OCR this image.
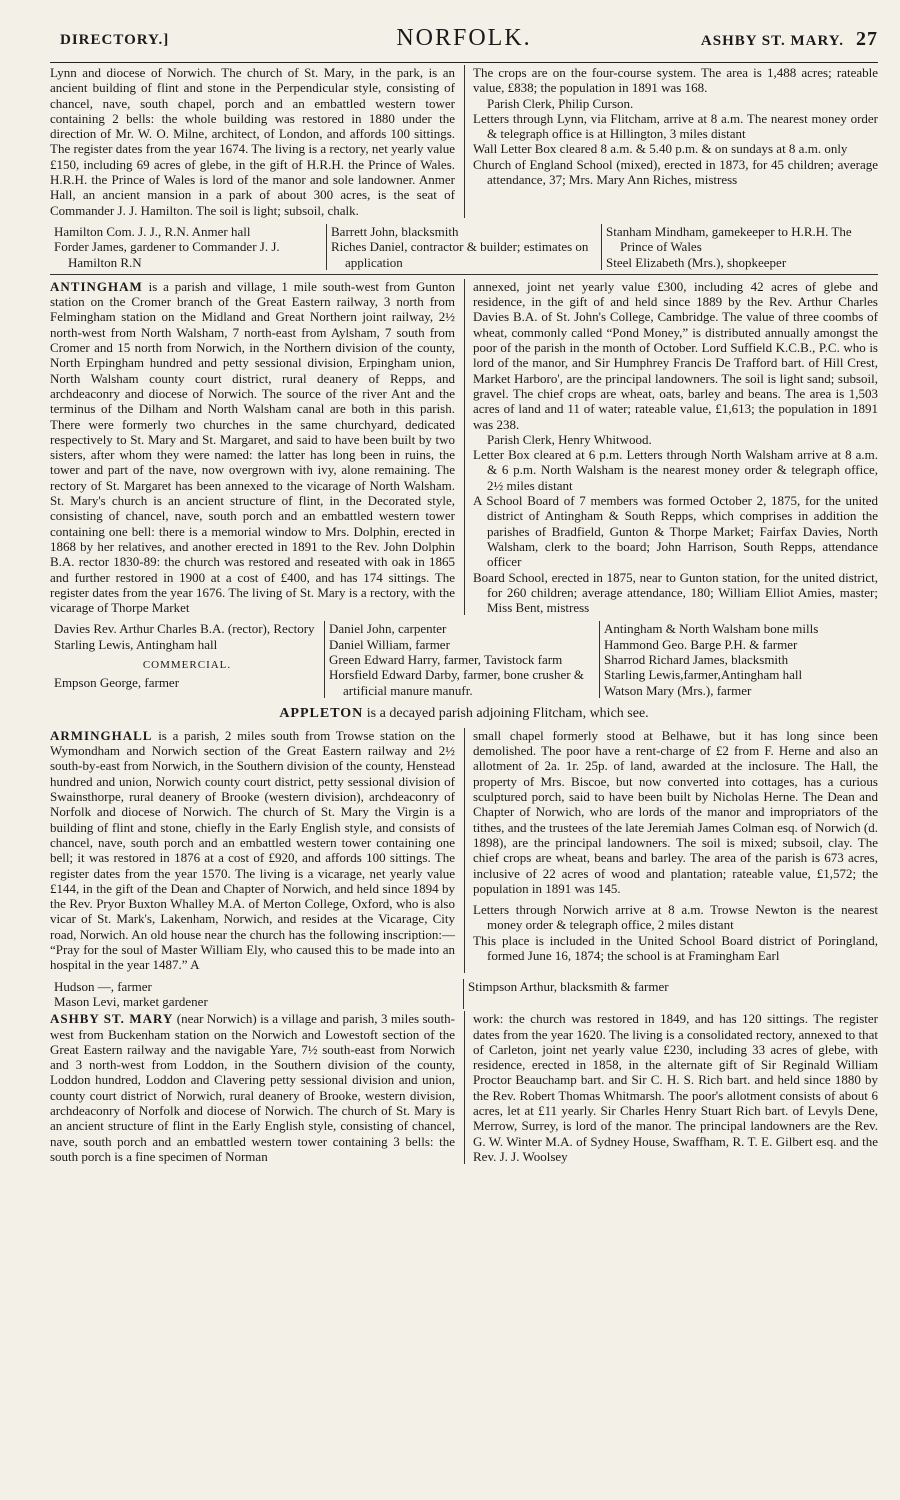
DIRECTORY.]	NORFOLK.	ASHBY ST. MARY. 27

Lynn and diocese of Norwich. The church of St. Mary, in the park, is an ancient building of flint and stone in the Perpendicular style, consisting of chancel, nave, south chapel, porch and an embattled western tower containing 2 bells: the whole building was restored in 1880 under the direction of Mr. W. O. Milne, architect, of London, and affords 100 sittings. The register dates from the year 1674. The living is a rectory, net yearly value £150, including 69 acres of glebe, in the gift of H.R.H. the Prince of Wales. H.R.H. the Prince of Wales is lord of the manor and sole landowner. Anmer Hall, an ancient mansion in a park of about 300 acres, is the seat of Commander J. J. Hamilton. The soil is light; subsoil, chalk.

The crops are on the four-course system. The area is 1,488 acres; rateable value, £838; the population in 1891 was 168.

Parish Clerk, Philip Curson.

Letters through Lynn, via Flitcham, arrive at 8 a.m. The nearest money order & telegraph office is at Hillington, 3 miles distant

Wall Letter Box cleared 8 a.m. & 5.40 p.m. & on sundays at 8 a.m. only

Church of England School (mixed), erected in 1873, for 45 children; average attendance, 37; Mrs. Mary Ann Riches, mistress

Hamilton Com. J. J., R.N. Anmer hall

Forder James, gardener to Commander J. J. Hamilton R.N

Barrett John, blacksmith

Riches Daniel, contractor & builder; estimates on application

Stanham Mindham, gamekeeper to H.R.H. The Prince of Wales

Steel Elizabeth (Mrs.), shopkeeper

ANTINGHAM is a parish and village, 1 mile south-west from Gunton station on the Cromer branch of the Great Eastern railway, 3 north from Felmingham station on the Midland and Great Northern joint railway, 2½ north-west from North Walsham, 7 north-east from Aylsham, 7 south from Cromer and 15 north from Norwich, in the Northern division of the county, North Erpingham hundred and petty sessional division, Erpingham union, North Walsham county court district, rural deanery of Repps, and archdeaconry and diocese of Norwich. The source of the river Ant and the terminus of the Dilham and North Walsham canal are both in this parish. There were formerly two churches in the same churchyard, dedicated respectively to St. Mary and St. Margaret, and said to have been built by two sisters, after whom they were named: the latter has long been in ruins, the tower and part of the nave, now overgrown with ivy, alone remaining. The rectory of St. Margaret has been annexed to the vicarage of North Walsham. St. Mary's church is an ancient structure of flint, in the Decorated style, consisting of chancel, nave, south porch and an embattled western tower containing one bell: there is a memorial window to Mrs. Dolphin, erected in 1868 by her relatives, and another erected in 1891 to the Rev. John Dolphin B.A. rector 1830-89: the church was restored and reseated with oak in 1865 and further restored in 1900 at a cost of £400, and has 174 sittings. The register dates from the year 1676. The living of St. Mary is a rectory, with the vicarage of Thorpe Market

annexed, joint net yearly value £300, including 42 acres of glebe and residence, in the gift of and held since 1889 by the Rev. Arthur Charles Davies B.A. of St. John's College, Cambridge. The value of three coombs of wheat, commonly called “Pond Money,” is distributed annually amongst the poor of the parish in the month of October. Lord Suffield K.C.B., P.C. who is lord of the manor, and Sir Humphrey Francis De Trafford bart. of Hill Crest, Market Harboro', are the principal landowners. The soil is light sand; subsoil, gravel. The chief crops are wheat, oats, barley and beans. The area is 1,503 acres of land and 11 of water; rateable value, £1,613; the population in 1891 was 238.

Parish Clerk, Henry Whitwood.

Letter Box cleared at 6 p.m. Letters through North Walsham arrive at 8 a.m. & 6 p.m. North Walsham is the nearest money order & telegraph office, 2½ miles distant

A School Board of 7 members was formed October 2, 1875, for the united district of Antingham & South Repps, which comprises in addition the parishes of Bradfield, Gunton & Thorpe Market; Fairfax Davies, North Walsham, clerk to the board; John Harrison, South Repps, attendance officer

Board School, erected in 1875, near to Gunton station, for the united district, for 260 children; average attendance, 180; William Elliot Amies, master; Miss Bent, mistress

Davies Rev. Arthur Charles B.A. (rector), Rectory

Starling Lewis, Antingham hall

COMMERCIAL.

Empson George, farmer

Daniel John, carpenter

Daniel William, farmer

Green Edward Harry, farmer, Tavistock farm

Horsfield Edward Darby, farmer, bone crusher & artificial manure manufr.

Antingham & North Walsham bone mills

Hammond Geo. Barge P.H. & farmer

Sharrod Richard James, blacksmith

Starling Lewis,farmer,Antingham hall

Watson Mary (Mrs.), farmer

APPLETON is a decayed parish adjoining Flitcham, which see.

ARMINGHALL is a parish, 2 miles south from Trowse station on the Wymondham and Norwich section of the Great Eastern railway and 2½ south-by-east from Norwich, in the Southern division of the county, Henstead hundred and union, Norwich county court district, petty sessional division of Swainsthorpe, rural deanery of Brooke (western division), archdeaconry of Norfolk and diocese of Norwich. The church of St. Mary the Virgin is a building of flint and stone, chiefly in the Early English style, and consists of chancel, nave, south porch and an embattled western tower containing one bell; it was restored in 1876 at a cost of £920, and affords 100 sittings. The register dates from the year 1570. The living is a vicarage, net yearly value £144, in the gift of the Dean and Chapter of Norwich, and held since 1894 by the Rev. Pryor Buxton Whalley M.A. of Merton College, Oxford, who is also vicar of St. Mark's, Lakenham, Norwich, and resides at the Vicarage, City road, Norwich. An old house near the church has the following inscription:— “Pray for the soul of Master William Ely, who caused this to be made into an hospital in the year 1487.” A

small chapel formerly stood at Belhawe, but it has long since been demolished. The poor have a rent-charge of £2 from F. Herne and also an allotment of 2a. 1r. 25p. of land, awarded at the inclosure. The Hall, the property of Mrs. Biscoe, but now converted into cottages, has a curious sculptured porch, said to have been built by Nicholas Herne. The Dean and Chapter of Norwich, who are lords of the manor and impropriators of the tithes, and the trustees of the late Jeremiah James Colman esq. of Norwich (d. 1898), are the principal landowners. The soil is mixed; subsoil, clay. The chief crops are wheat, beans and barley. The area of the parish is 673 acres, inclusive of 22 acres of wood and plantation; rateable value, £1,572; the population in 1891 was 145.

Letters through Norwich arrive at 8 a.m. Trowse Newton is the nearest money order & telegraph office, 2 miles distant

This place is included in the United School Board district of Poringland, formed June 16, 1874; the school is at Framingham Earl

Hudson —, farmer

Mason Levi, market gardener

Stimpson Arthur, blacksmith & farmer

ASHBY ST. MARY (near Norwich) is a village and parish, 3 miles south-west from Buckenham station on the Norwich and Lowestoft section of the Great Eastern railway and the navigable Yare, 7½ south-east from Norwich and 3 north-west from Loddon, in the Southern division of the county, Loddon hundred, Loddon and Clavering petty sessional division and union, county court district of Norwich, rural deanery of Brooke, western division, archdeaconry of Norfolk and diocese of Norwich. The church of St. Mary is an ancient structure of flint in the Early English style, consisting of chancel, nave, south porch and an embattled western tower containing 3 bells: the south porch is a fine specimen of Norman

work: the church was restored in 1849, and has 120 sittings. The register dates from the year 1620. The living is a consolidated rectory, annexed to that of Carleton, joint net yearly value £230, including 33 acres of glebe, with residence, erected in 1858, in the alternate gift of Sir Reginald William Proctor Beauchamp bart. and Sir C. H. S. Rich bart. and held since 1880 by the Rev. Robert Thomas Whitmarsh. The poor's allotment consists of about 6 acres, let at £11 yearly. Sir Charles Henry Stuart Rich bart. of Levyls Dene, Merrow, Surrey, is lord of the manor. The principal landowners are the Rev. G. W. Winter M.A. of Sydney House, Swaffham, R. T. E. Gilbert esq. and the Rev. J. J. Woolsey
